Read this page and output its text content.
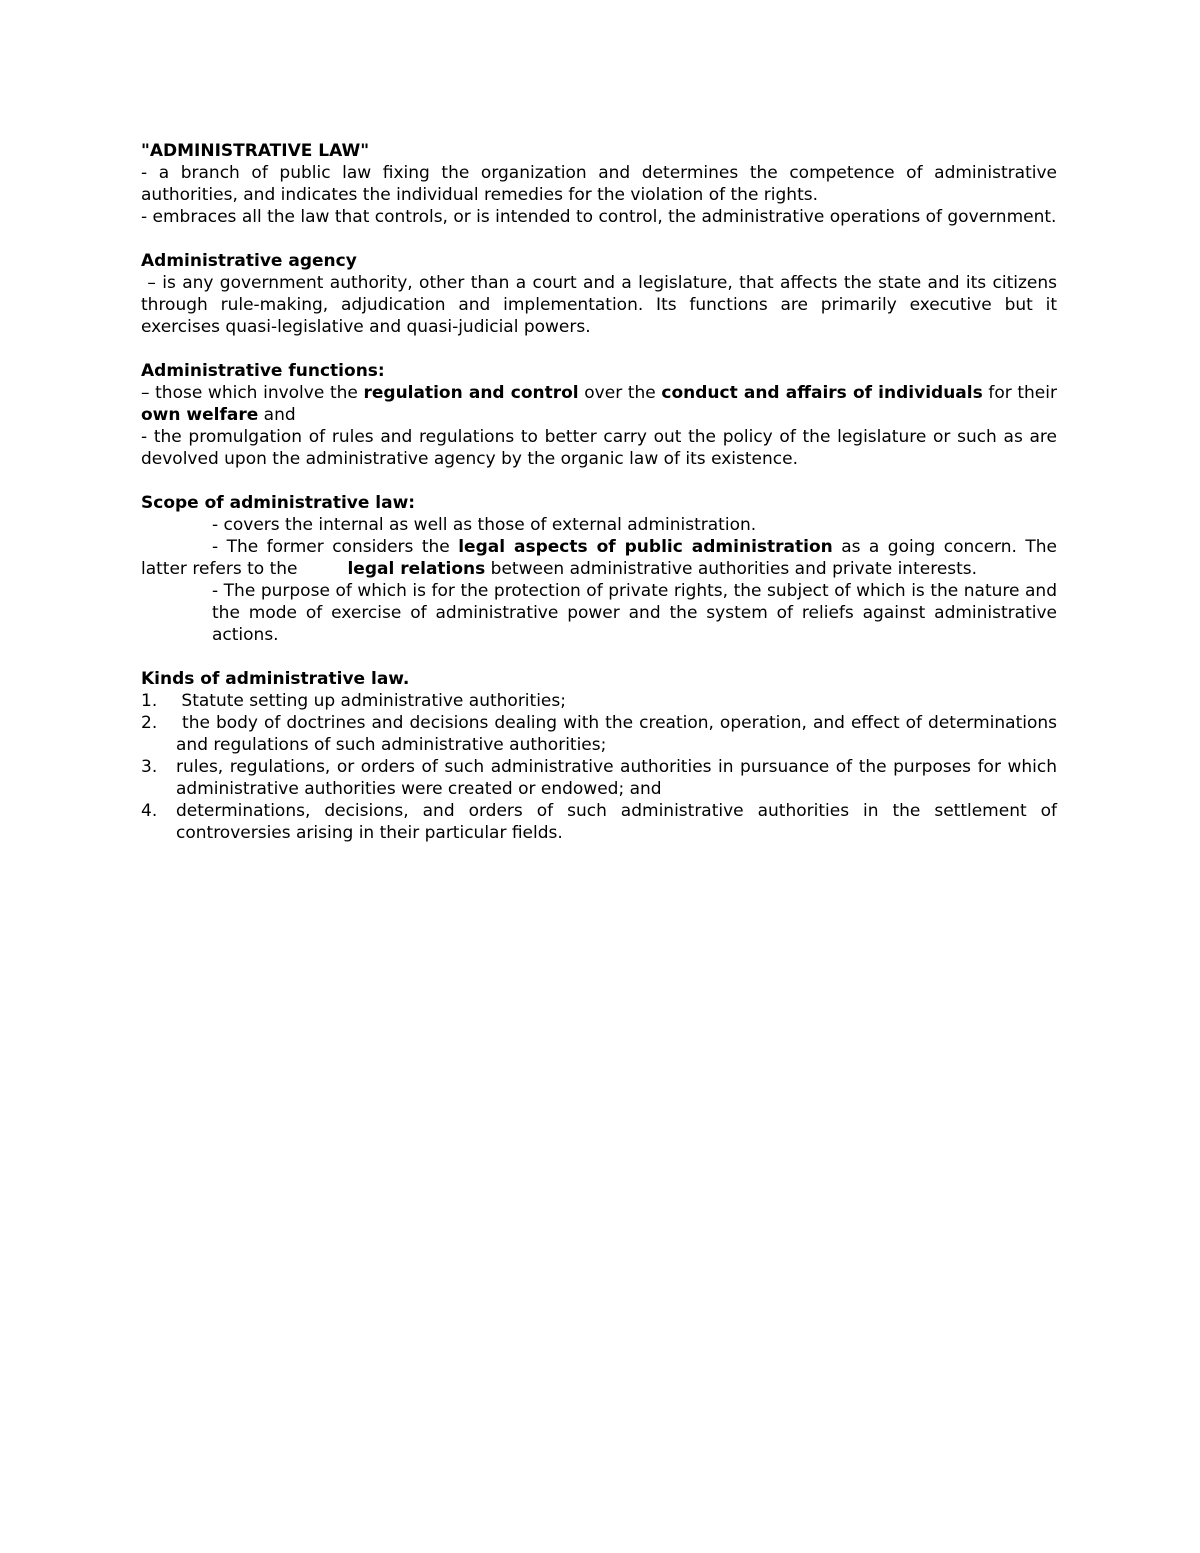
"ADMINISTRATIVE LAW"

- a branch of public law fixing the organization and determines the competence of administrative authorities, and indicates the individual remedies for the violation of the rights.

- embraces all the law that controls, or is intended to control, the administrative operations of government.

Administrative agency

– is any government authority, other than a court and a legislature, that affects the state and its citizens through rule-making, adjudication and implementation. Its functions are primarily executive but it exercises quasi-legislative and quasi-judicial powers.

Administrative functions:

– those which involve the regulation and control over the conduct and affairs of individuals for their own welfare and

- the promulgation of rules and regulations to better carry out the policy of the legislature or such as are devolved upon the administrative agency by the organic law of its existence.

Scope of administrative law:

- covers the internal as well as those of external administration.

- The former considers the legal aspects of public administration as a going concern. The latter refers to the	legal relations between administrative authorities and private interests.

- The purpose of which is for the protection of private rights, the subject of which is the nature and the mode of exercise of administrative power and the system of reliefs against administrative actions.

Kinds of administrative law.

1. Statute setting up administrative authorities;
2. the body of doctrines and decisions dealing with the creation, operation, and effect of determinations and regulations of such administrative authorities;
3. rules, regulations, or orders of such administrative authorities in pursuance of the purposes for which administrative authorities were created or endowed; and
4. determinations, decisions, and orders of such administrative authorities in the settlement of controversies arising in their particular fields.
